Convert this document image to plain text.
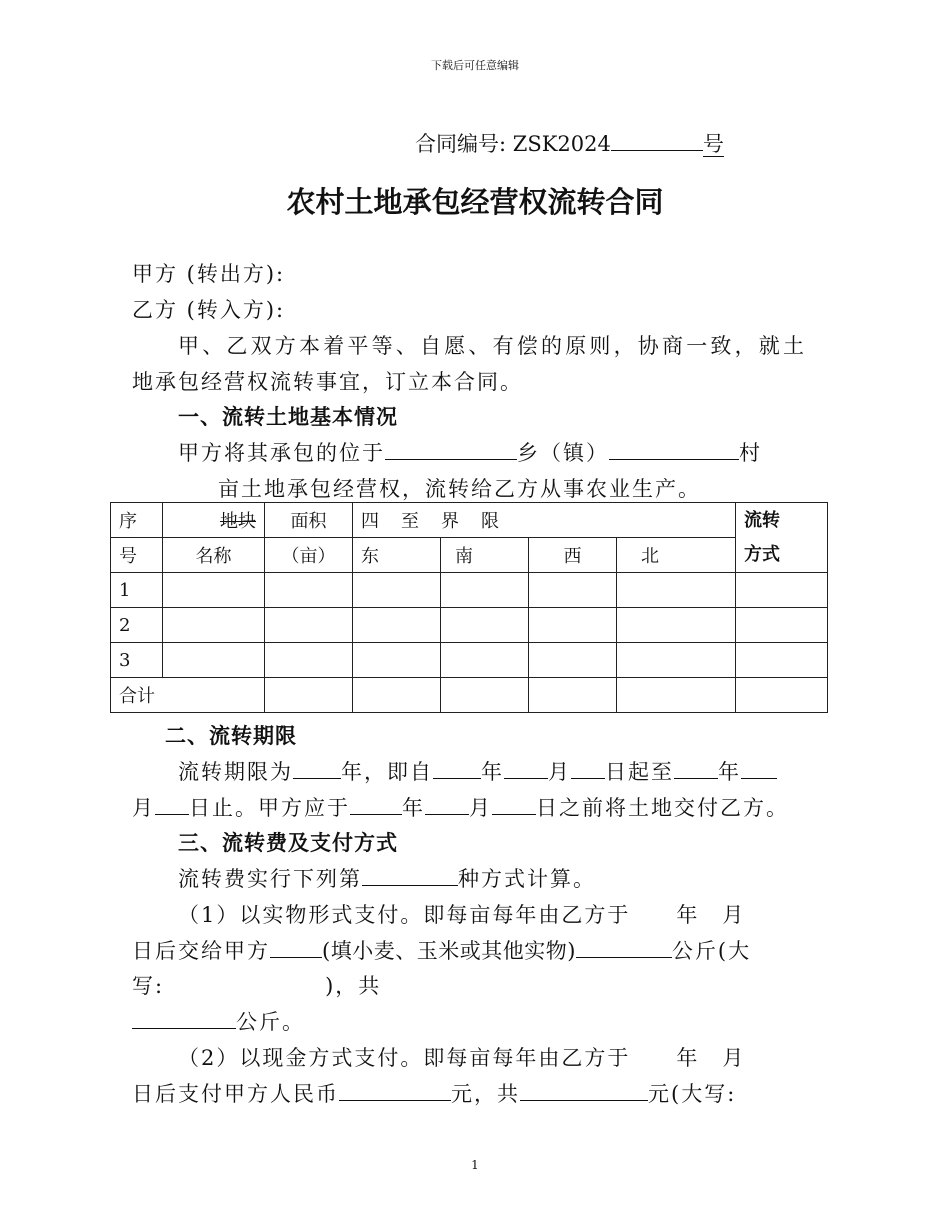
下载后可任意编辑
合同编号: ZSK2024	号
农村土地承包经营权流转合同
甲方 (转出方):
乙方 (转入方):
甲、乙双方本着平等、自愿、有偿的原则，协商一致，就土
地承包经营权流转事宜，订立本合同。
一、流转土地基本情况
甲方将其承包的位于	乡（镇）	村
亩土地承包经营权，流转给乙方从事农业生产。
序	地块	面积	四　至　界　限				流转
方式
号	名称	（亩）	东	南	西	北	
1							
2							
3							
合计							
二、流转期限
流转期限为 年，即自 年 月 日起至 年
月 日止。甲方应于 年 月 日之前将土地交付乙方。
三、流转费及支付方式
流转费实行下列第	种方式计算。
（1）以实物形式支付。即每亩每年由乙方于　　年　月
日后交给甲方 (填小麦、玉米或其他实物)	公斤(大
写:　　　　　　　)，共
公斤。
（2）以现金方式支付。即每亩每年由乙方于　　年　月
日后支付甲方人民币	元，共	元(大写:
1
